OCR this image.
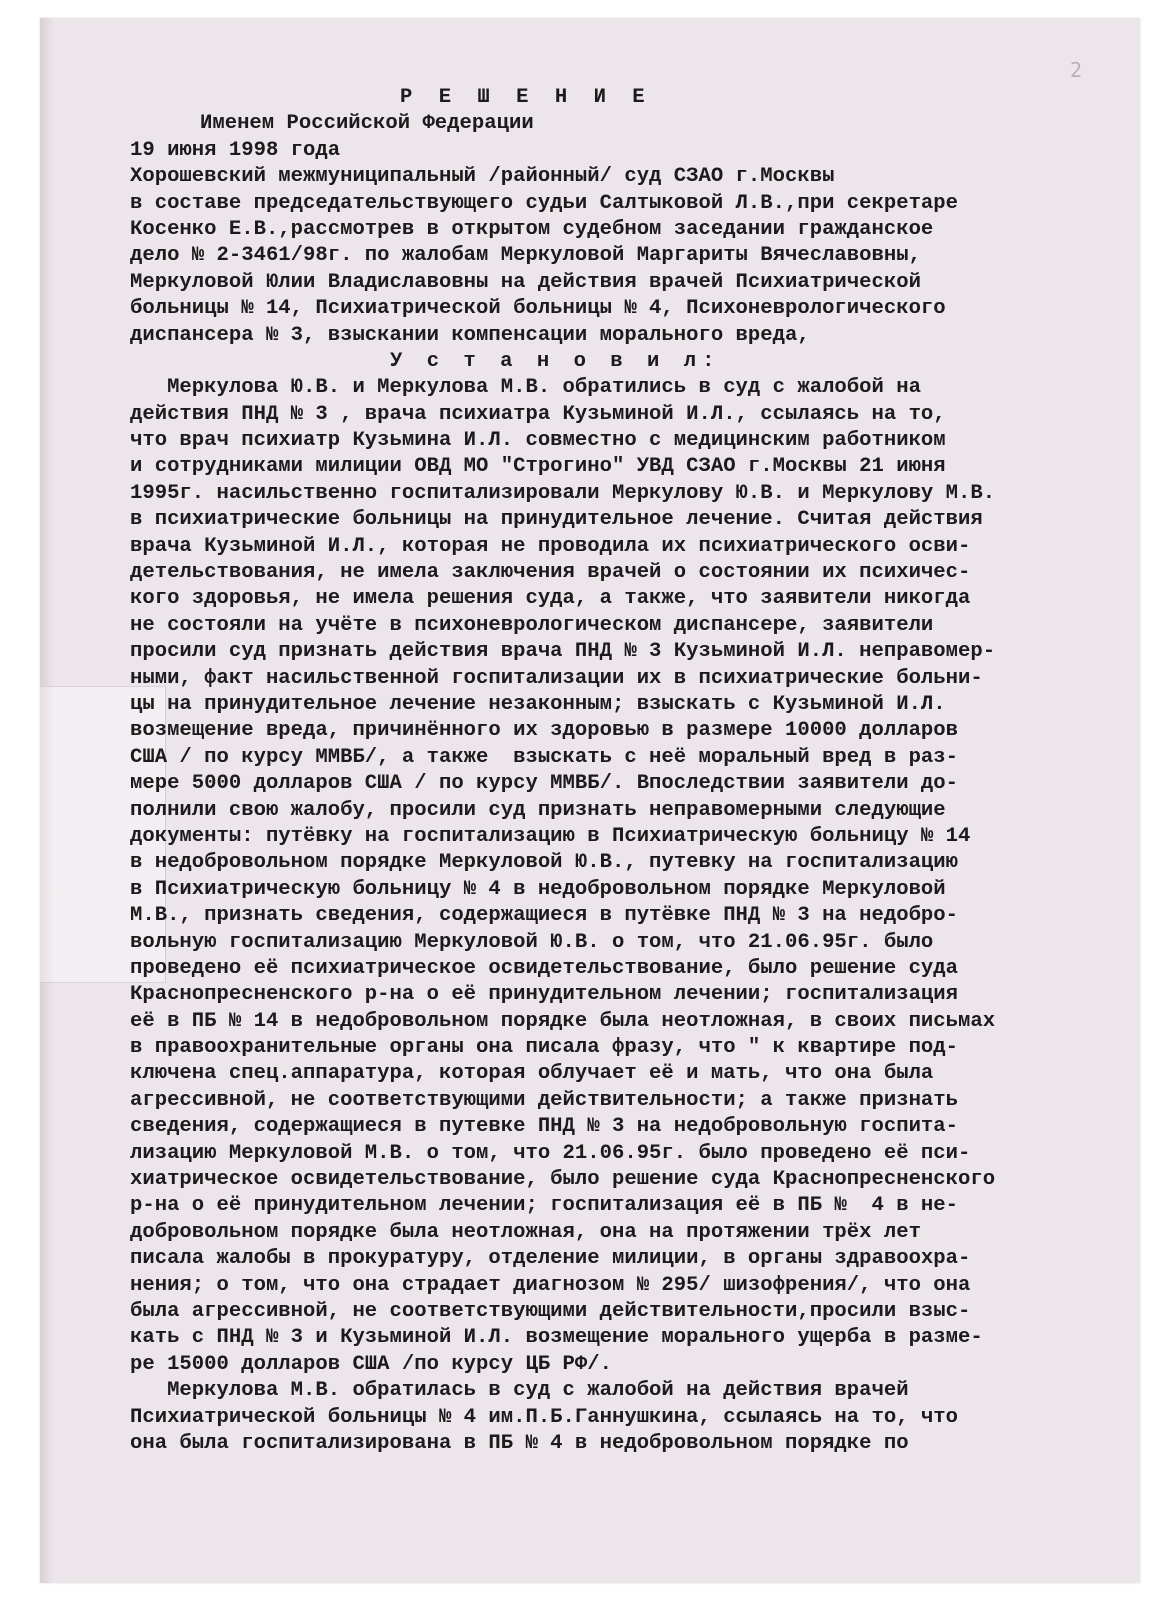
2
Р Е Ш Е Н И Е
Именем Российской Федерации
19 июня 1998 года
Хорошевский межмуниципальный /районный/ суд СЗАО г.Москвы
в составе председательствующего судьи Салтыковой Л.В.,при секретаре
Косенко Е.В.,рассмотрев в открытом судебном заседании гражданское
дело № 2-3461/98г. по жалобам Меркуловой Маргариты Вячеславовны,
Меркуловой Юлии Владиславовны на действия врачей Психиатрической
больницы № 14, Психиатрической больницы № 4, Психоневрологического
диспансера № 3, взыскании компенсации морального вреда,
У с т а н о в и л:
Меркулова Ю.В. и Меркулова М.В. обратились в суд с жалобой на
действия ПНД № 3 , врача психиатра Кузьминой И.Л., ссылаясь на то,
что врач психиатр Кузьмина И.Л. совместно с медицинским работником
и сотрудниками милиции ОВД МО "Строгино" УВД СЗАО г.Москвы 21 июня
1995г. насильственно госпитализировали Меркулову Ю.В. и Меркулову М.В.
в психиатрические больницы на принудительное лечение. Считая действия
врача Кузьминой И.Л., которая не проводила их психиатрического осви-
детельствования, не имела заключения врачей о состоянии их психичес-
кого здоровья, не имела решения суда, а также, что заявители никогда
не состояли на учёте в психоневрологическом диспансере, заявители
просили суд признать действия врача ПНД № 3 Кузьминой И.Л. неправомер-
ными, факт насильственной госпитализации их в психиатрические больни-
цы на принудительное лечение незаконным; взыскать с Кузьминой И.Л.
возмещение вреда, причинённого их здоровью в размере 10000 долларов
США / по курсу ММВБ/, а также  взыскать с неё моральный вред в раз-
мере 5000 долларов США / по курсу ММВБ/. Впоследствии заявители до-
полнили свою жалобу, просили суд признать неправомерными следующие
документы: путёвку на госпитализацию в Психиатрическую больницу № 14
в недобровольном порядке Меркуловой Ю.В., путевку на госпитализацию
в Психиатрическую больницу № 4 в недобровольном порядке Меркуловой
М.В., признать сведения, содержащиеся в путёвке ПНД № 3 на недобро-
вольную госпитализацию Меркуловой Ю.В. о том, что 21.06.95г. было
проведено её психиатрическое освидетельствование, было решение суда
Краснопресненского р-на о её принудительном лечении; госпитализация
её в ПБ № 14 в недобровольном порядке была неотложная, в своих письмах
в правоохранительные органы она писала фразу, что " к квартире под-
ключена спец.аппаратура, которая облучает её и мать, что она была
агрессивной, не соответствующими действительности; а также признать
сведения, содержащиеся в путевке ПНД № 3 на недобровольную госпита-
лизацию Меркуловой М.В. о том, что 21.06.95г. было проведено её пси-
хиатрическое освидетельствование, было решение суда Краснопресненского
р-на о её принудительном лечении; госпитализация её в ПБ №  4 в не-
добровольном порядке была неотложная, она на протяжении трёх лет
писала жалобы в прокуратуру, отделение милиции, в органы здравоохра-
нения; о том, что она страдает диагнозом № 295/ шизофрения/, что она
была агрессивной, не соответствующими действительности,просили взыс-
кать с ПНД № 3 и Кузьминой И.Л. возмещение морального ущерба в разме-
ре 15000 долларов США /по курсу ЦБ РФ/.
Меркулова М.В. обратилась в суд с жалобой на действия врачей
Психиатрической больницы № 4 им.П.Б.Ганнушкина, ссылаясь на то, что
она была госпитализирована в ПБ № 4 в недобровольном порядке по
